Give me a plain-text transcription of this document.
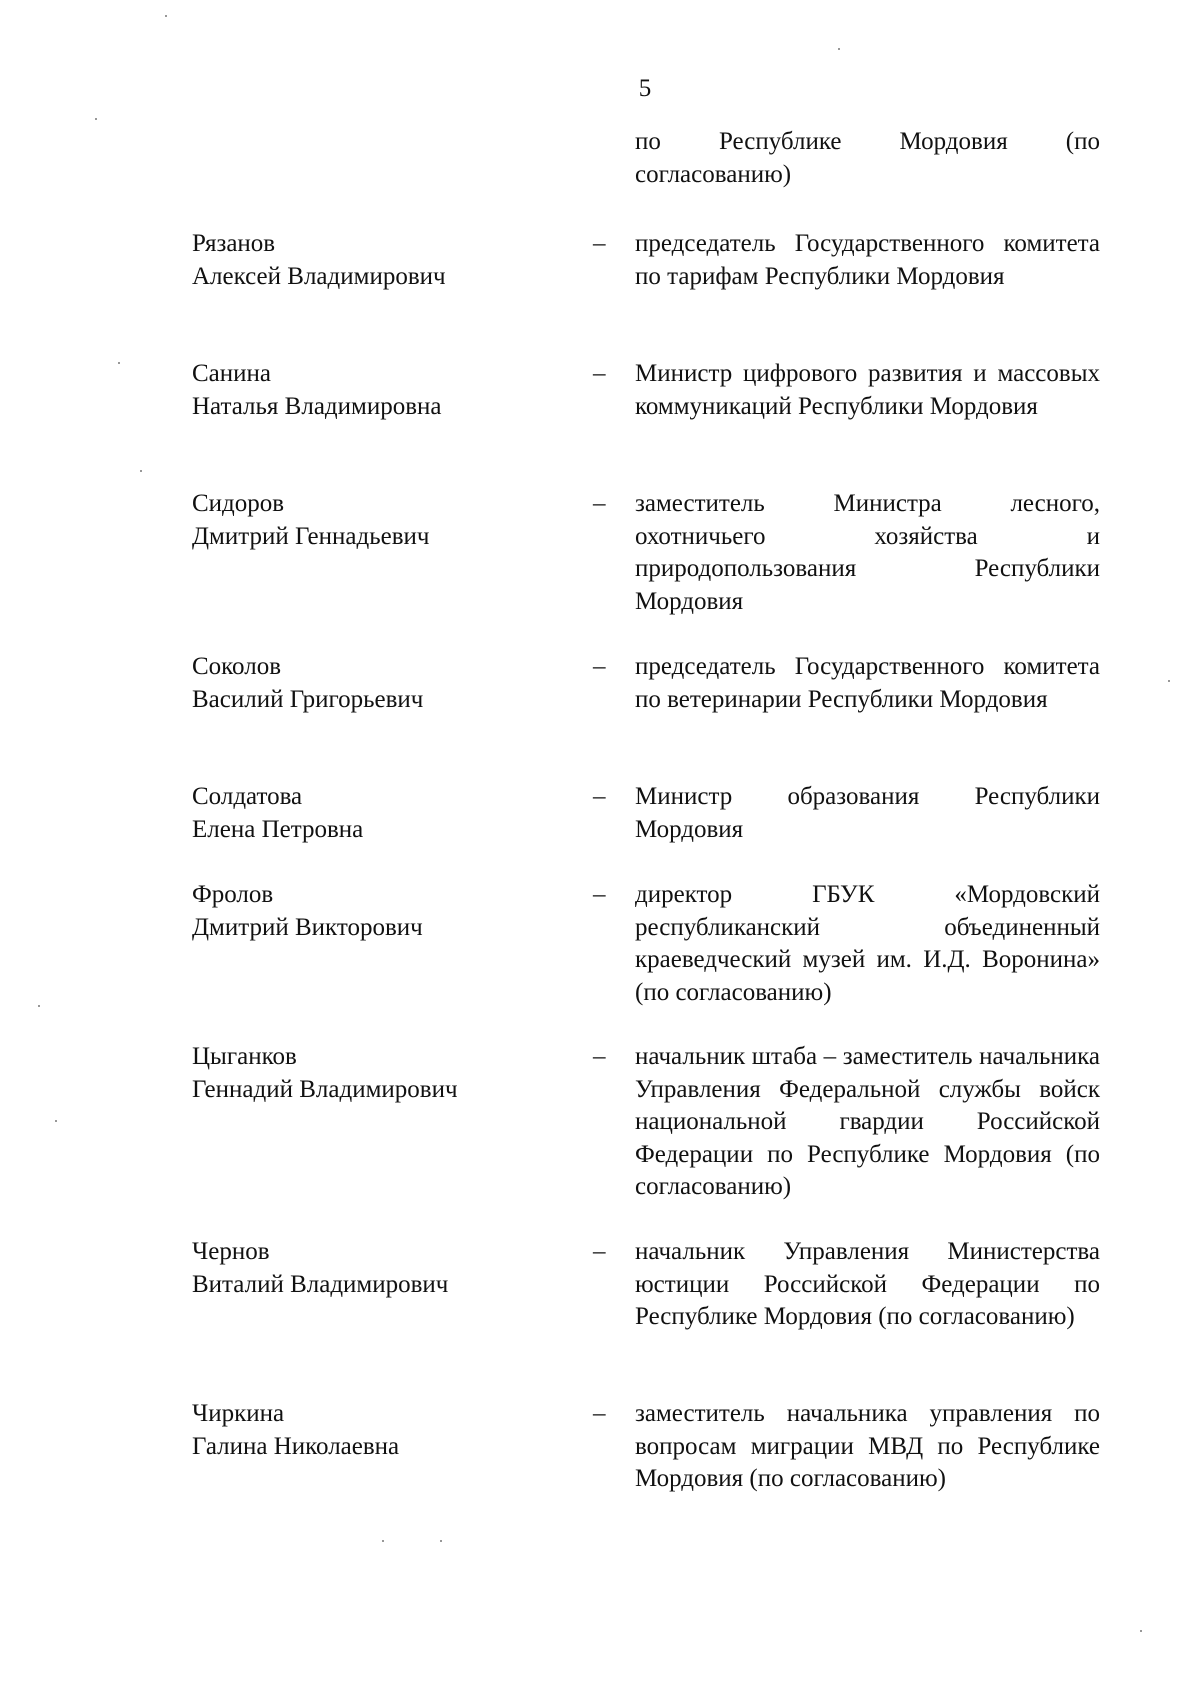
5
по Республике Мордовия (по согласованию)
Рязанов
Алексей Владимирович
–	председатель Государственного комитета по тарифам Республики Мордовия
Санина
Наталья Владимировна
–	Министр цифрового развития и массовых коммуникаций Республики Мордовия
Сидоров
Дмитрий Геннадьевич
–	заместитель Министра лесного, охотничьего хозяйства и природопользования Республики Мордовия
Соколов
Василий Григорьевич
–	председатель Государственного комитета по ветеринарии Республики Мордовия
Солдатова
Елена Петровна
–	Министр образования Республики Мордовия
Фролов
Дмитрий Викторович
–	директор ГБУК «Мордовский республиканский объединенный краеведческий музей им. И.Д. Воронина» (по согласованию)
Цыганков
Геннадий Владимирович
–	начальник штаба – заместитель начальника Управления Федеральной службы войск национальной гвардии Российской Федерации по Республике Мордовия (по согласованию)
Чернов
Виталий Владимирович
–	начальник Управления Министерства юстиции Российской Федерации по Республике Мордовия (по согласованию)
Чиркина
Галина Николаевна
–	заместитель начальника управления по вопросам миграции МВД по Республике Мордовия (по согласованию)
